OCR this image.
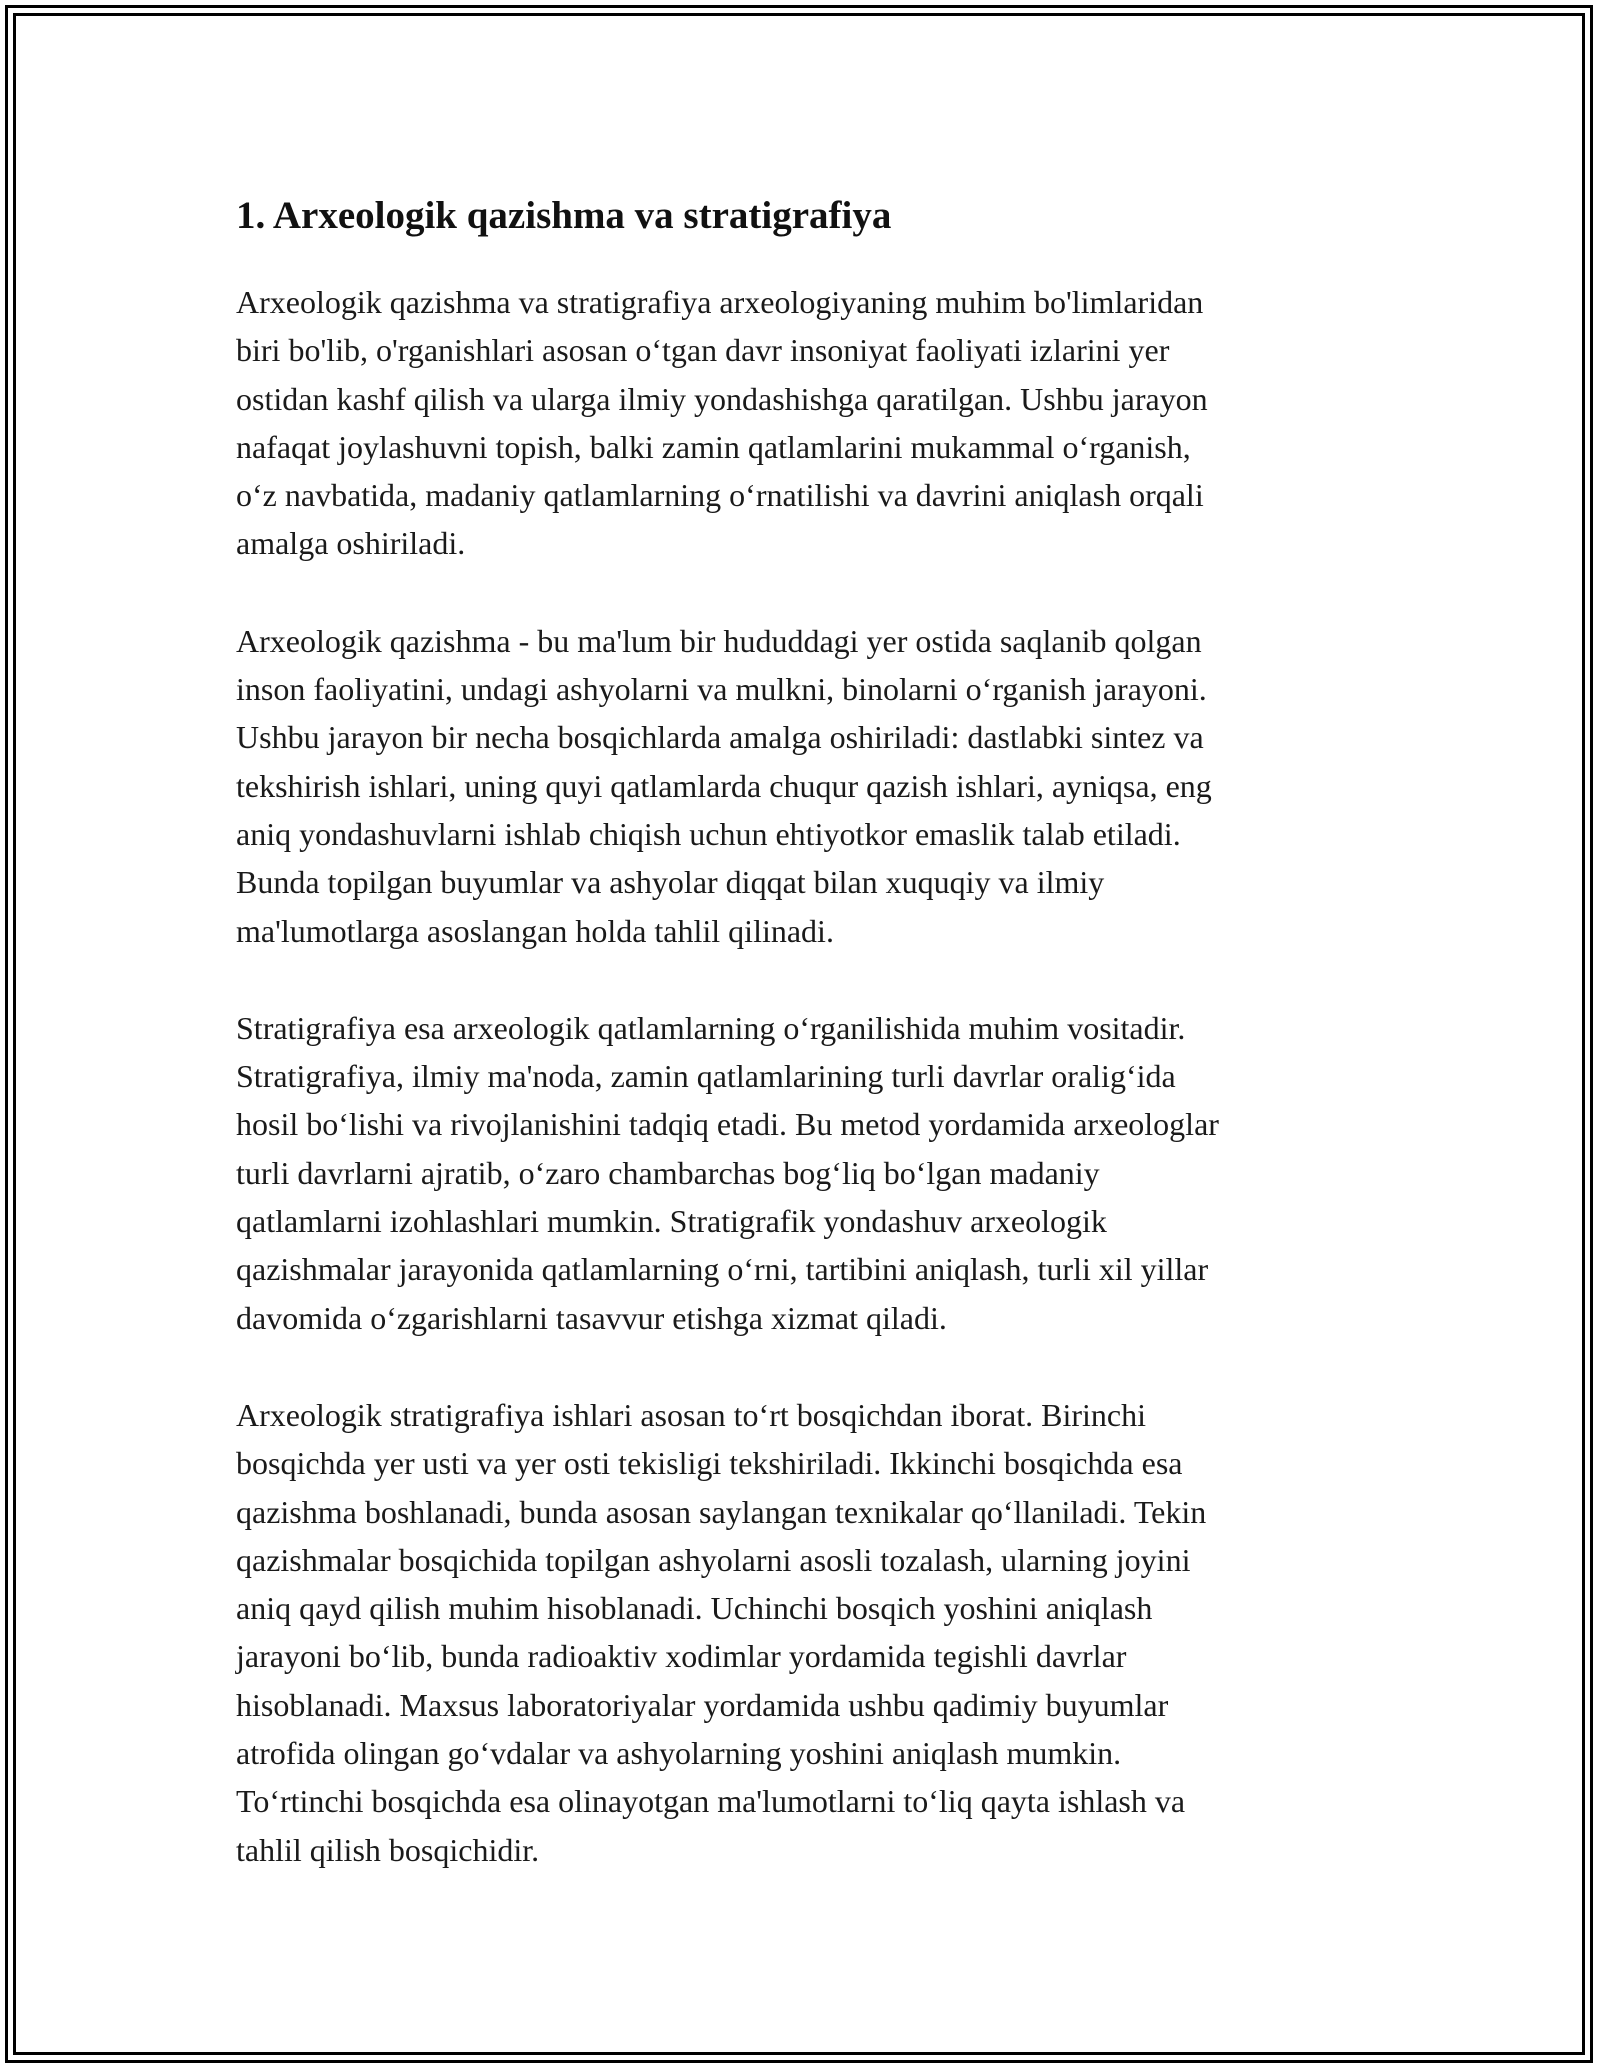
1. Arxeologik qazishma va stratigrafiya
Arxeologik qazishma va stratigrafiya arxeologiyaning muhim bo'limlaridan
biri bo'lib, o'rganishlari asosan oʻtgan davr insoniyat faoliyati izlarini yer
ostidan kashf qilish va ularga ilmiy yondashishga qaratilgan. Ushbu jarayon
nafaqat joylashuvni topish, balki zamin qatlamlarini mukammal oʻrganish,
oʻz navbatida, madaniy qatlamlarning oʻrnatilishi va davrini aniqlash orqali
amalga oshiriladi.
Arxeologik qazishma - bu ma'lum bir hududdagi yer ostida saqlanib qolgan
inson faoliyatini, undagi ashyolarni va mulkni, binolarni oʻrganish jarayoni.
Ushbu jarayon bir necha bosqichlarda amalga oshiriladi: dastlabki sintez va
tekshirish ishlari, uning quyi qatlamlarda chuqur qazish ishlari, ayniqsa, eng
aniq yondashuvlarni ishlab chiqish uchun ehtiyotkor emaslik talab etiladi.
Bunda topilgan buyumlar va ashyolar diqqat bilan xuquqiy va ilmiy
ma'lumotlarga asoslangan holda tahlil qilinadi.
Stratigrafiya esa arxeologik qatlamlarning oʻrganilishida muhim vositadir.
Stratigrafiya, ilmiy ma'noda, zamin qatlamlarining turli davrlar oraligʻida
hosil boʻlishi va rivojlanishini tadqiq etadi. Bu metod yordamida arxeologlar
turli davrlarni ajratib, oʻzaro chambarchas bogʻliq boʻlgan madaniy
qatlamlarni izohlashlari mumkin. Stratigrafik yondashuv arxeologik
qazishmalar jarayonida qatlamlarning oʻrni, tartibini aniqlash, turli xil yillar
davomida oʻzgarishlarni tasavvur etishga xizmat qiladi.
Arxeologik stratigrafiya ishlari asosan toʻrt bosqichdan iborat. Birinchi
bosqichda yer usti va yer osti tekisligi tekshiriladi. Ikkinchi bosqichda esa
qazishma boshlanadi, bunda asosan saylangan texnikalar qoʻllaniladi. Tekin
qazishmalar bosqichida topilgan ashyolarni asosli tozalash, ularning joyini
aniq qayd qilish muhim hisoblanadi. Uchinchi bosqich yoshini aniqlash
jarayoni boʻlib, bunda radioaktiv xodimlar yordamida tegishli davrlar
hisoblanadi. Maxsus laboratoriyalar yordamida ushbu qadimiy buyumlar
atrofida olingan goʻvdalar va ashyolarning yoshini aniqlash mumkin.
Toʻrtinchi bosqichda esa olinayotgan ma'lumotlarni toʻliq qayta ishlash va
tahlil qilish bosqichidir.
